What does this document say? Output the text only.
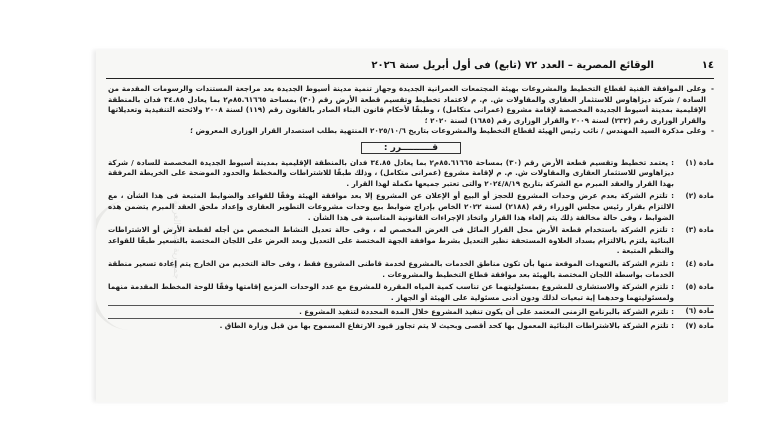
جمهورية مصر العربية
١٤
الوقائع المصرية – العدد ٧٢ (تابع) فى أول أبريل سنة ٢٠٢٦

- وعلى الموافقة الفنية لقطاع التخطيط والمشروعات بهيئة المجتمعات العمرانية الجديدة وجهاز تنمية مدينة أسيوط الجديدة بعد مراجعة المستندات والرسومات المقدمة من السادة / شركة ديزاهاوس للاستثمار العقارى والمقاولات ش. م. م لاعتماد تخطيط وتقسيم قطعة الأرض رقم (٣٠) بمساحة ٨٥.٦١٦٦٥م٢ بما يعادل ٣٤.٨٥ فدان بالمنطقة الإقليمية بمدينة أسيوط الجديدة المخصصة لإقامة مشروع (عمرانى متكامل) ، وطبقًا لأحكام قانون البناء الصادر بالقانون رقم (١١٩) لسنة ٢٠٠٨ ولائحته التنفيذية وتعديلاتها والقرار الوزارى رقم (٢٣٢) لسنة ٢٠٠٩ والقرار الوزارى رقم (١٦٨٥) لسنة ٢٠٢٠ ؛

- وعلى مذكرة السيد المهندس / نائب رئيس الهيئة لقطاع التخطيط والمشروعات بتاريخ ٢٠٢٥/١٠/٦ المنتهية بطلب استصدار القرار الوزارى المعروض ؛

قــــــــــرر :
مادة (١)

: يعتمد تخطيط وتقسيم قطعة الأرض رقم (٣٠) بمساحة ٨٥.٦١٦٦٥م٢ بما يعادل ٣٤.٨٥ فدان بالمنطقة الإقليمية بمدينة أسيوط الجديدة المخصصة للسادة / شركة ديزاهاوس للاستثمار العقارى والمقاولات ش. م. م لإقامة مشروع (عمرانى متكامل) ، وذلك طبقًا للاشتراطات والمخطط والحدود الموضحة على الخريطة المرفقة بهذا القرار والعقد المبرم مع الشركة بتاريخ ٢٠٢٤/٨/١٩ والتى تعتبر جميعها مكملة لهذا القرار .

مادة (٢)

: تلتزم الشركة بعدم عرض وحدات المشروع للحجز أو البيع أو الإعلان عن المشروع إلا بعد موافقة الهيئة وفقًا للقواعد والضوابط المتبعة فى هذا الشأن ، مع الالتزام بقرار رئيس مجلس الوزراء رقم (٢١٨٨) لسنة ٢٠٢٢ الخاص بإدراج ضوابط بيع وحدات مشروعات التطوير العقارى وإعداد ملحق العقد المبرم يتضمن هذه الضوابط ، وفى حالة مخالفة ذلك يتم إلغاء هذا القرار واتخاذ الإجراءات القانونية المناسبة فى هذا الشأن .

مادة (٣)

: تلتزم الشركة باستخدام قطعة الأرض محل القرار المائل فى الغرض المخصص له ، وفى حالة تعديل النشاط المخصص من أجله لقطعة الأرض أو الاشتراطات البنائية يلتزم بالالتزام بسداد العلاوة المستحقة نظير التعديل بشرط موافقة الجهة المختصة على التعديل وبعد العرض على اللجان المختصة بالتسعير طبقًا للقواعد والنظم المتبعة .

مادة (٤)

: تلتزم الشركة بالتعهدات الموقعة منها بأن تكون مناطق الخدمات بالمشروع لخدمة قاطنى المشروع فقط ، وفى حالة التخديم من الخارج يتم إعادة تسعير منطقة الخدمات بواسطة اللجان المختصة بالهيئة بعد موافقة قطاع التخطيط والمشروعات .

مادة (٥)

: تلتزم الشركة والاستشارى للمشروع بمسئوليتهما عن تناسب كمية المياه المقررة للمشروع مع عدد الوحدات المزمع إقامتها وفقًا للوحة المخطط المقدمة منهما ولمسئوليتهما وحدهما إية تبعيات لذلك ودون أدنى مسئولية على الهيئة أو الجهاز .

مادة (٦)

: تلتزم الشركة بالبرنامج الزمنى المعتمد على أن يكون تنفيذ المشروع خلال المدة المحددة لتنفيذ المشروع .

مادة (٧)

: تلتزم الشركة بالاشتراطات البنائية المعمول بها كحد أقصى وبحيث لا يتم تجاوز قيود الارتفاع المسموح بها من قبل وزارة الطاق .
